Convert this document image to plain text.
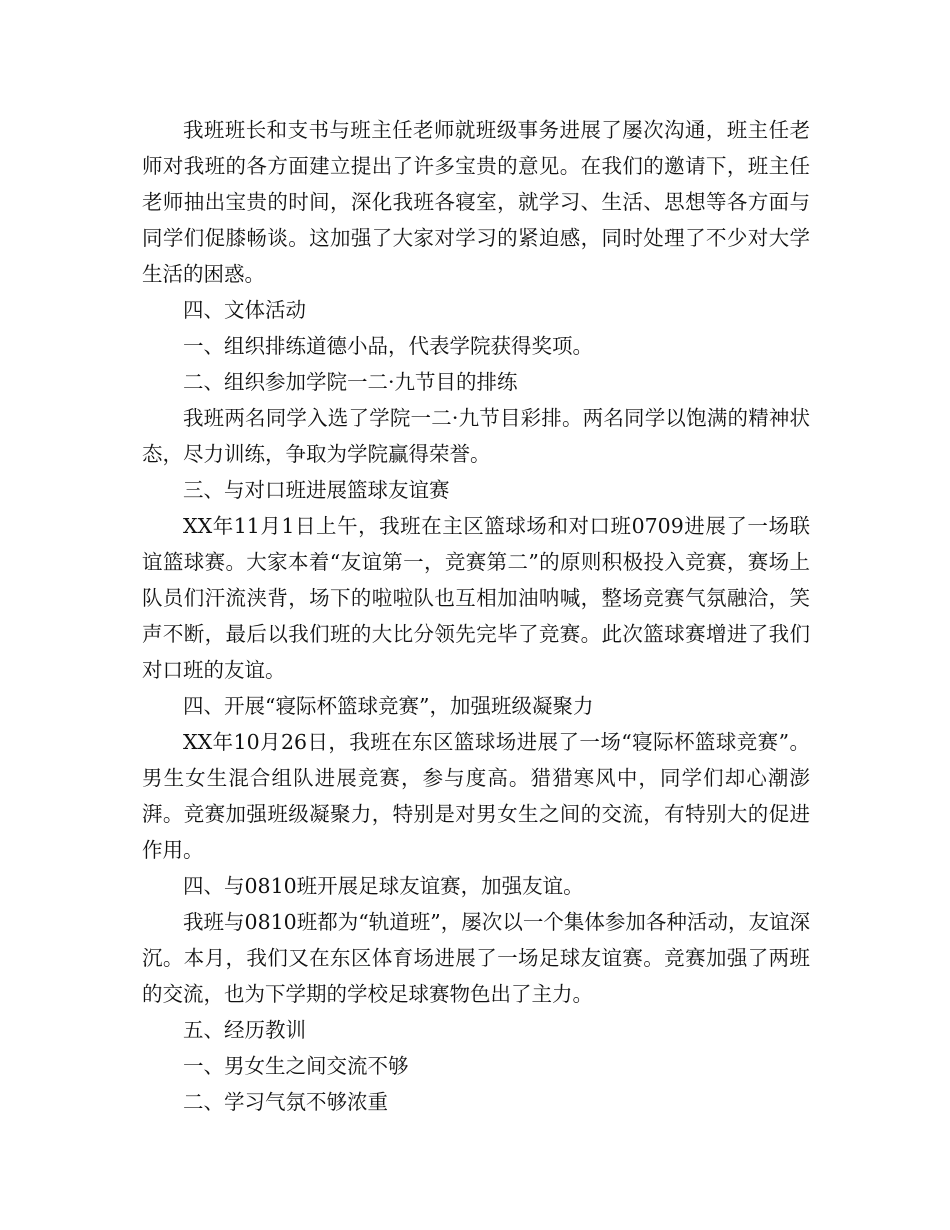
我班班长和支书与班主任老师就班级事务进展了屡次沟通，班主任老师对我班的各方面建立提出了许多宝贵的意见。在我们的邀请下，班主任老师抽出宝贵的时间，深化我班各寝室，就学习、生活、思想等各方面与同学们促膝畅谈。这加强了大家对学习的紧迫感，同时处理了不少对大学生活的困惑。

四、文体活动

一、组织排练道德小品，代表学院获得奖项。

二、组织参加学院一二·九节目的排练

我班两名同学入选了学院一二·九节目彩排。两名同学以饱满的精神状态，尽力训练，争取为学院赢得荣誉。

三、与对口班进展篮球友谊赛

XX年11月1日上午，我班在主区篮球场和对口班0709进展了一场联谊篮球赛。大家本着“友谊第一，竞赛第二”的原则积极投入竞赛，赛场上队员们汗流浃背，场下的啦啦队也互相加油呐喊，整场竞赛气氛融洽，笑声不断，最后以我们班的大比分领先完毕了竞赛。此次篮球赛增进了我们对口班的友谊。

四、开展“寝际杯篮球竞赛”，加强班级凝聚力

XX年10月26日，我班在东区篮球场进展了一场“寝际杯篮球竞赛”。男生女生混合组队进展竞赛，参与度高。猎猎寒风中，同学们却心潮澎湃。竞赛加强班级凝聚力，特别是对男女生之间的交流，有特别大的促进作用。

四、与0810班开展足球友谊赛，加强友谊。

我班与0810班都为“轨道班”，屡次以一个集体参加各种活动，友谊深沉。本月，我们又在东区体育场进展了一场足球友谊赛。竞赛加强了两班的交流，也为下学期的学校足球赛物色出了主力。

五、经历教训

一、男女生之间交流不够

二、学习气氛不够浓重
